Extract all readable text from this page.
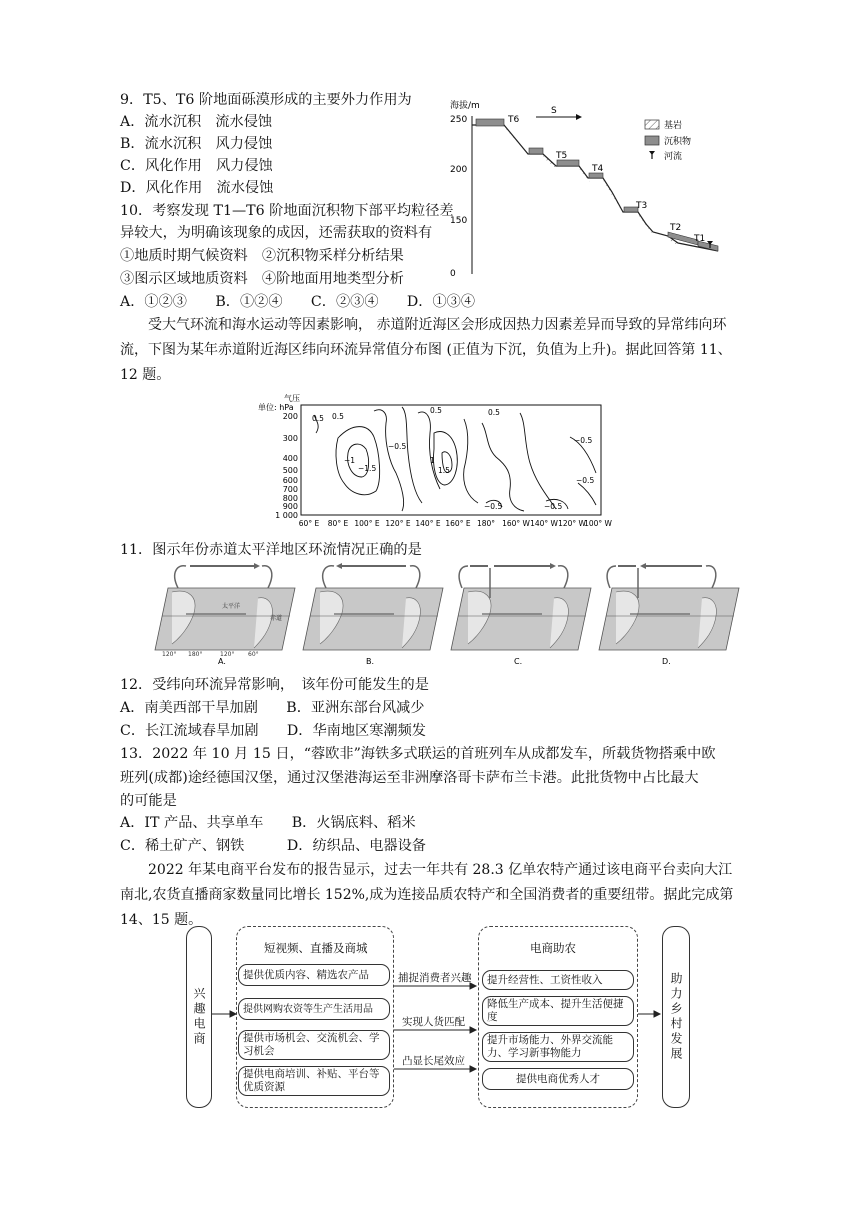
9．T5、T6 阶地面砾漠形成的主要外力作用为
A．流水沉积　流水侵蚀
B．流水沉积　风力侵蚀
C．风化作用　风力侵蚀
D．风化作用　流水侵蚀
10．考察发现 T1—T6 阶地面沉积物下部平均粒径差
异较大，为明确该现象的成因，还需获取的资料有
①地质时期气候资料　②沉积物采样分析结果
③图示区域地质资料　④阶地面用地类型分析
A．①②③　　B．①②④　　C．②③④　　D．①③④
海拔/m
250
200
150
0
S
T6
T5
T4
T3
T2
T1
基岩
沉积物
河流
受大气环流和海水运动等因素影响， 赤道附近海区会形成因热力因素差异而导致的异常纬向环流，下图为某年赤道附近海区纬向环流异常值分布图 (正值为下沉，负值为上升)。据此回答第 11、12 题。
气压
单位: hPa
200
300
400
500
600
700
800
900
1 000
60° E 80° E 100° E 120° E 140° E 160° E 180° 160° W 140° W 120° W
100° W
0.5 0.5
0.5	0.5
−0.5
−1
−1.5
1
1.5
−0.5
−0.5
−0.5	−0.5
11．图示年份赤道太平洋地区环流情况正确的是
A.	B.	C.	D.
赤道
太平洋
120° 180°	120° 60°
12．受纬向环流异常影响，　该年份可能发生的是
A．南美西部干旱加剧　　B．亚洲东部台风减少
C．长江流域春旱加剧　　D．华南地区寒潮频发
13．2022 年 10 月 15 日，“蓉欧非”海铁多式联运的首班列车从成都发车，所载货物搭乘中欧
班列(成都)途经德国汉堡，通过汉堡港海运至非洲摩洛哥卡萨布兰卡港。此批货物中占比最大
的可能是
A．IT 产品、共享单车　　B．火锅底料、稻米
C．稀土矿产、钢铁　　　D．纺织品、电器设备
2022 年某电商平台发布的报告显示，过去一年共有 28.3 亿单农特产通过该电商平台卖向大江南北,农货直播商家数量同比增长 152%,成为连接品质农特产和全国消费者的重要纽带。据此完成第 14、15 题。
兴趣电商
短视频、直播及商城
提供优质内容、精选农产品
提供网购农资等生产生活用品
提供市场机会、交流机会、学习机会
提供电商培训、补贴、平台等优质资源
捕捉消费者兴趣
实现人货匹配
凸显长尾效应
电商助农
提升经营性、工资性收入
降低生产成本、提升生活便捷度
提升市场能力、外界交流能力、学习新事物能力
提供电商优秀人才
助力乡村发展
